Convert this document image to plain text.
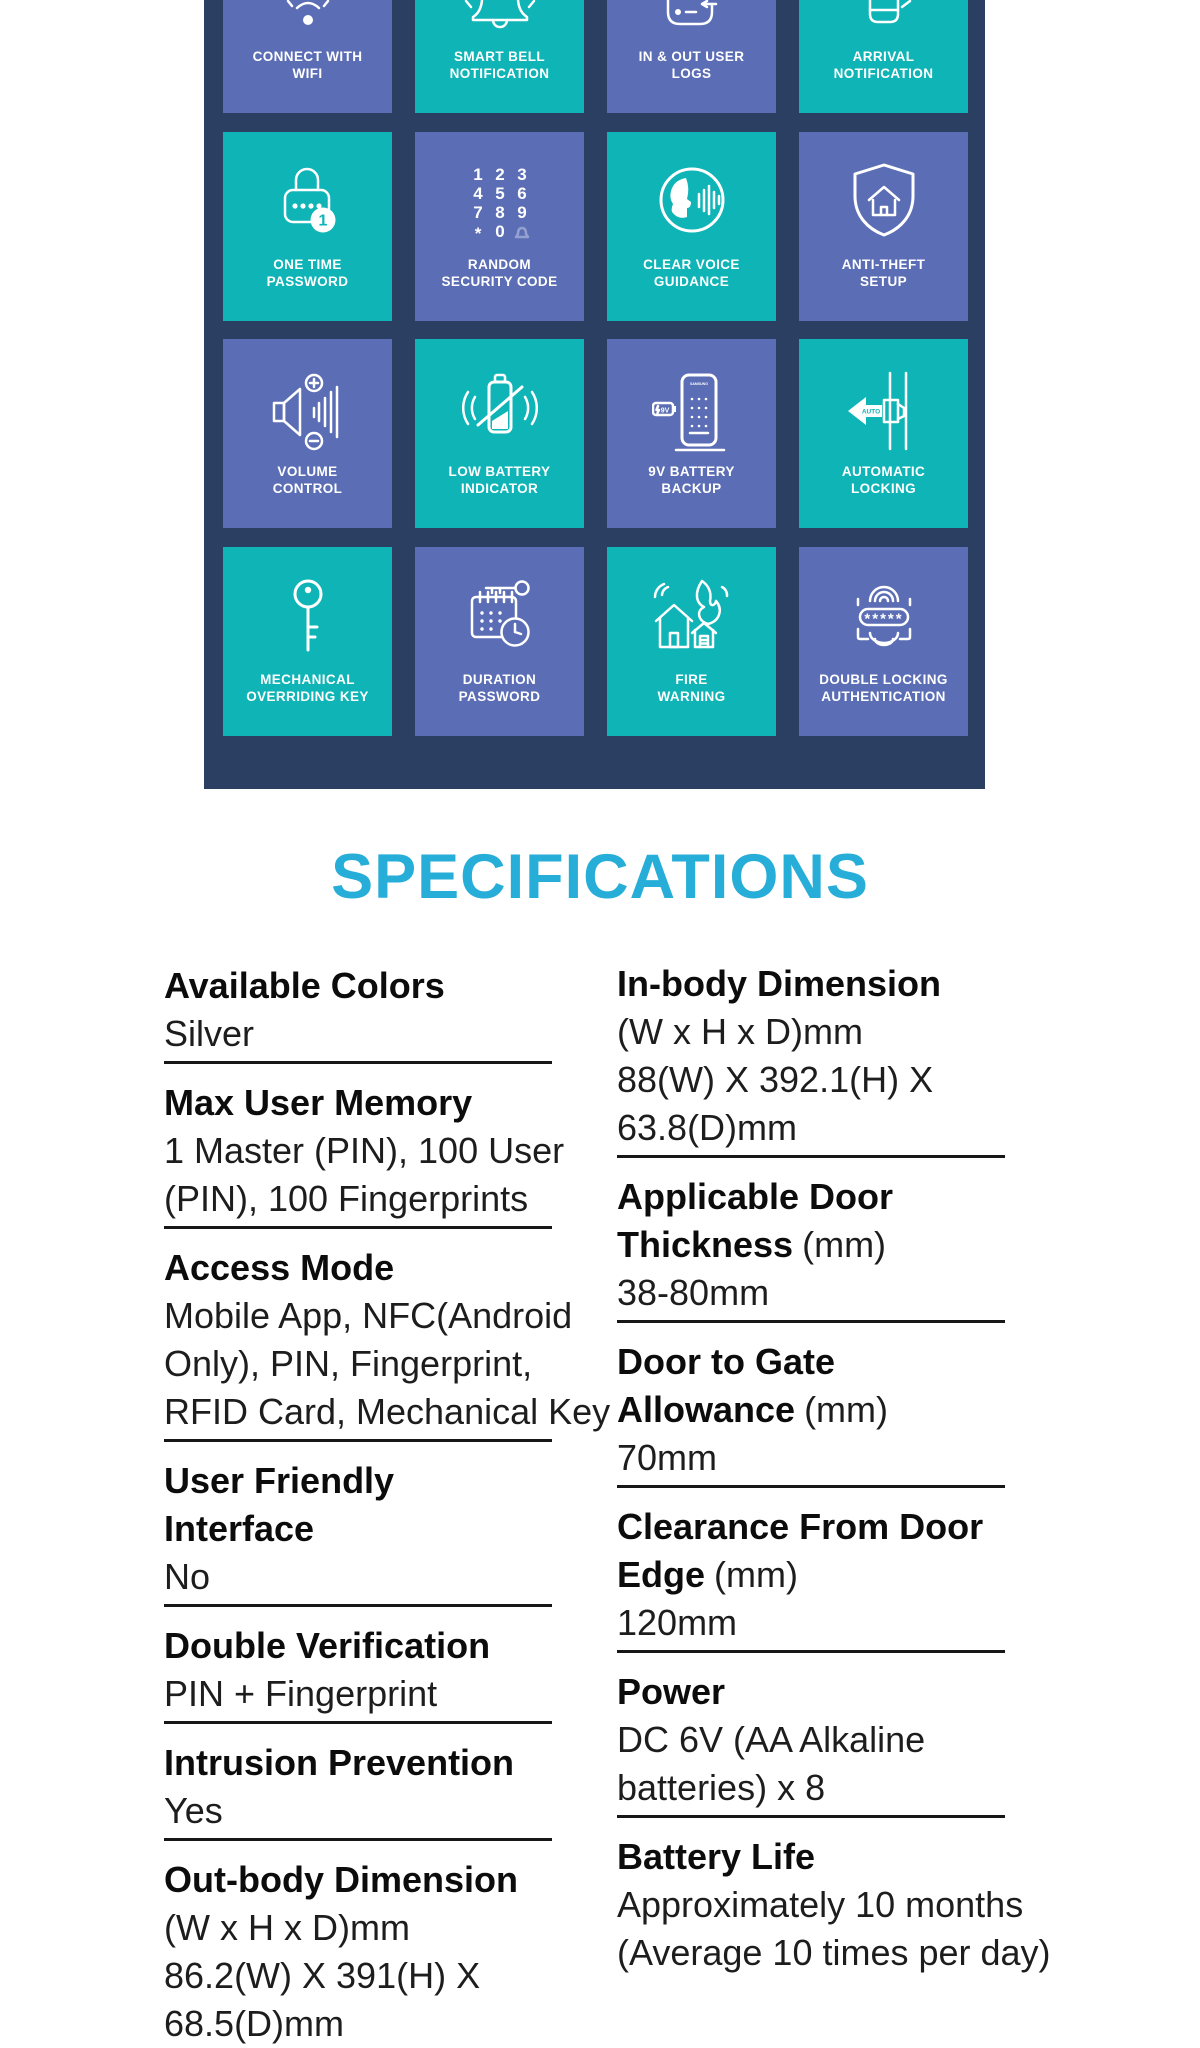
CONNECT WITH
WIFI
SMART BELL
NOTIFICATION
IN & OUT USER
LOGS
ARRIVAL
NOTIFICATION
1
ONE TIME
PASSWORD
1 2 3
4 5 6
7 8 9
* 0
RANDOM
SECURITY CODE
CLEAR VOICE
GUIDANCE
ANTI-THEFT
SETUP
VOLUME
CONTROL
LOW BATTERY
INDICATOR
9V
SAMSUNG
9V BATTERY
BACKUP
AUTO
AUTOMATIC
LOCKING
MECHANICAL
OVERRIDING KEY
DURATION
PASSWORD
FIRE
WARNING
*****
DOUBLE LOCKING
AUTHENTICATION
SPECIFICATIONS
Available Colors
Silver
Max User Memory
1 Master (PIN), 100 User
(PIN), 100 Fingerprints
Access Mode
Mobile App, NFC(Android
Only), PIN, Fingerprint,
RFID Card, Mechanical Key
User Friendly
Interface
No
Double Verification
PIN + Fingerprint
Intrusion Prevention
Yes
Out-body Dimension
(W x H x D)mm
86.2(W) X 391(H) X
68.5(D)mm
In-body Dimension
(W x H x D)mm
88(W) X 392.1(H) X
63.8(D)mm
Applicable Door
Thickness (mm)
38-80mm
Door to Gate
Allowance (mm)
70mm
Clearance From Door
Edge (mm)
120mm
Power
DC 6V (AA Alkaline
batteries) x 8
Battery Life
Approximately 10 months
(Average 10 times per day)
